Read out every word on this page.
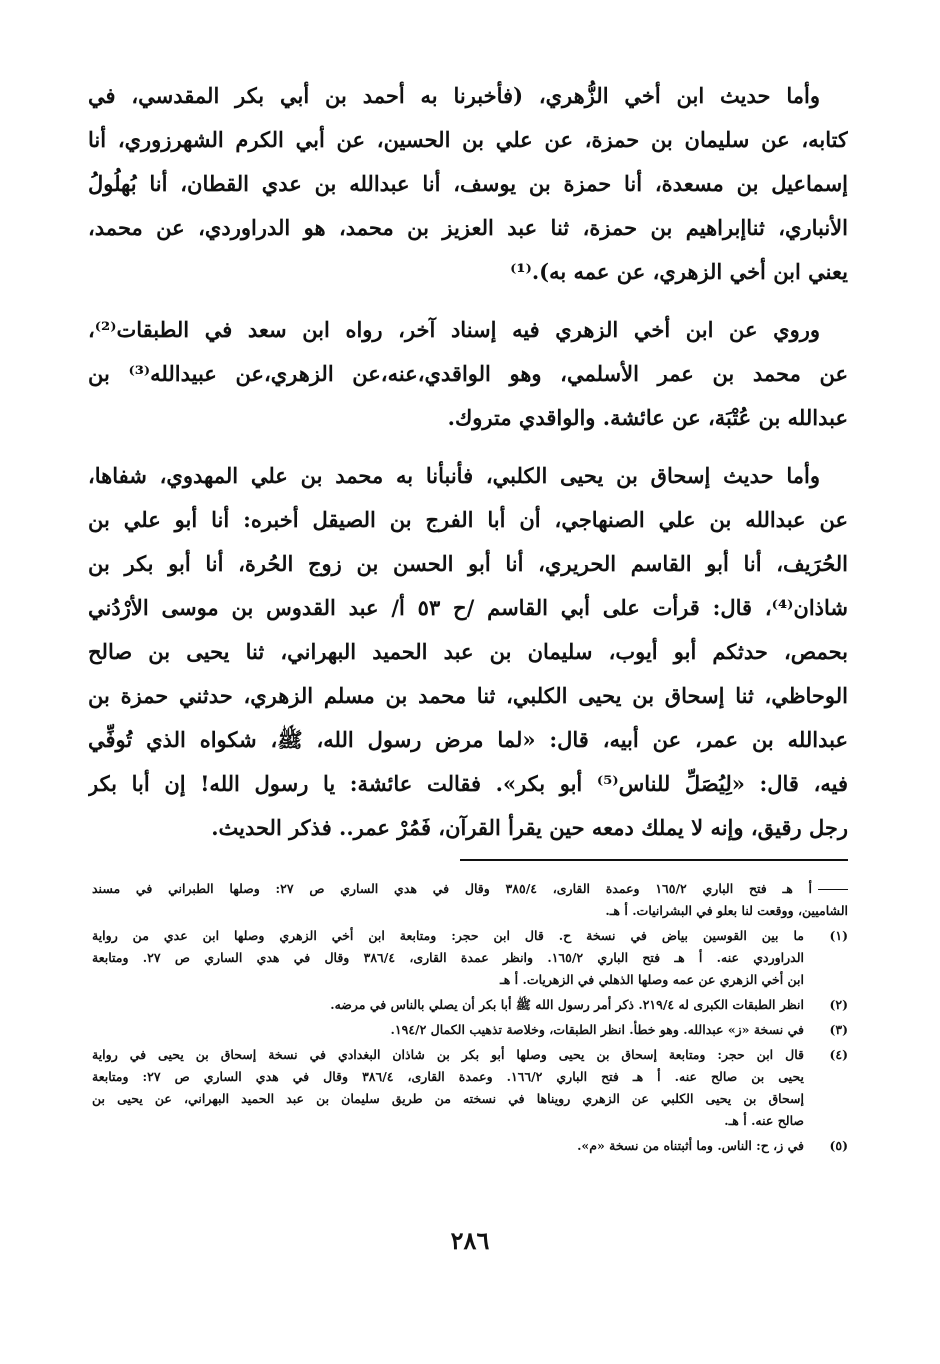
وأما حديث ابن أخي الزُّهري، (فأخبرنا به أحمد بن أبي بكر المقدسي، في
كتابه، عن سليمان بن حمزة، عن علي بن الحسين، عن أبي الكرم الشهرزوري، أنا
إسماعيل بن مسعدة، أنا حمزة بن يوسف، أنا عبدالله بن عدي القطان، أنا بُهلُولُ
الأنباري، ثناإبراهيم بن حمزة، ثنا عبد العزيز بن محمد، هو الدراوردي، عن محمد،
يعني ابن أخي الزهري، عن عمه به).⁽¹⁾

وروي عن ابن أخي الزهري فيه إسناد آخر، رواه ابن سعد في الطبقات⁽²⁾،
عن محمد بن عمر الأسلمي، وهو الواقدي،عنه،عن الزهري،عن عبيدالله⁽³⁾ بن
عبدالله بن عُتْبَة، عن عائشة. والواقدي متروك.

وأما حديث إسحاق بن يحيى الكلبي، فأنبأنا به محمد بن علي المهدوي، شفاها،
عن عبدالله بن علي الصنهاجي، أن أبا الفرج بن الصيقل أخبره: أنا أبو علي بن
الحُرَيف، أنا أبو القاسم الحريري، أنا أبو الحسن بن زوج الحُرة، أنا أبو بكر بن
شاذان⁽⁴⁾، قال: قرأت على أبي القاسم /ح ٥٣ أ/ عبد القدوس بن موسى الأرْدُني
بحمص، حدثكم أبو أيوب، سليمان بن عبد الحميد البهراني، ثنا يحيى بن صالح
الوحاظي، ثنا إسحاق بن يحيى الكلبي، ثنا محمد بن مسلم الزهري، حدثني حمزة بن
عبدالله بن عمر، عن أبيه، قال: «لما مرض رسول الله، ﷺ، شكواه الذي تُوفِّي
فيه، قال: «لِيُصَلِّ للناس⁽⁵⁾ أبو بكر». فقالت عائشة: يا رسول الله! إن أبا بكر
رجل رقيق، وإنه لا يملك دمعه حين يقرأ القرآن، فَمُرْ عمر.. فذكر الحديث.

أ هـ فتح الباري ١٦٥/٢ وعمدة القارى، ٣٨٥/٤ وقال في هدي الساري ص ٢٧: وصلها الطبراني في مسند
الشاميين، ووقعت لنا بعلو في البشرانيات. أ هـ.
(١)
ما بين القوسين بياض في نسخة ح. قال ابن حجر: ومتابعة ابن أخي الزهري وصلها ابن عدي من رواية
الدراوردي عنه. أ هـ فتح الباري ١٦٥/٢. وانظر عمدة القارى، ٣٨٦/٤ وقال في هدي الساري ص ٢٧. ومتابعة
ابن أخي الزهري عن عمه وصلها الذهلي في الزهريات. أ هـ
(٢)
انظر الطبقات الكبرى له ٢١٩/٤. ذكر أمر رسول الله ﷺ أبا بكر أن يصلي بالناس في مرضه.
(٣)
في نسخة «ز» عبدالله. وهو خطأ. انظر الطبقات، وخلاصة تذهيب الكمال ١٩٤/٢.
(٤)
قال ابن حجر: ومتابعة إسحاق بن يحيى وصلها أبو بكر بن شاذان البغدادي في نسخة إسحاق بن يحيى في رواية
يحيى بن صالح عنه. أ هـ فتح الباري ١٦٦/٢. وعمدة القارى، ٣٨٦/٤ وقال في هدي الساري ص ٢٧: ومتابعة
إسحاق بن يحيى الكلبي عن الزهري رويناها في نسخته من طريق سليمان بن عبد الحميد البهراني، عن يحيى بن
صالح عنه. أ هـ.
(٥)
في ز، ح: الناس. وما أثبتناه من نسخة «م».
٢٨٦
